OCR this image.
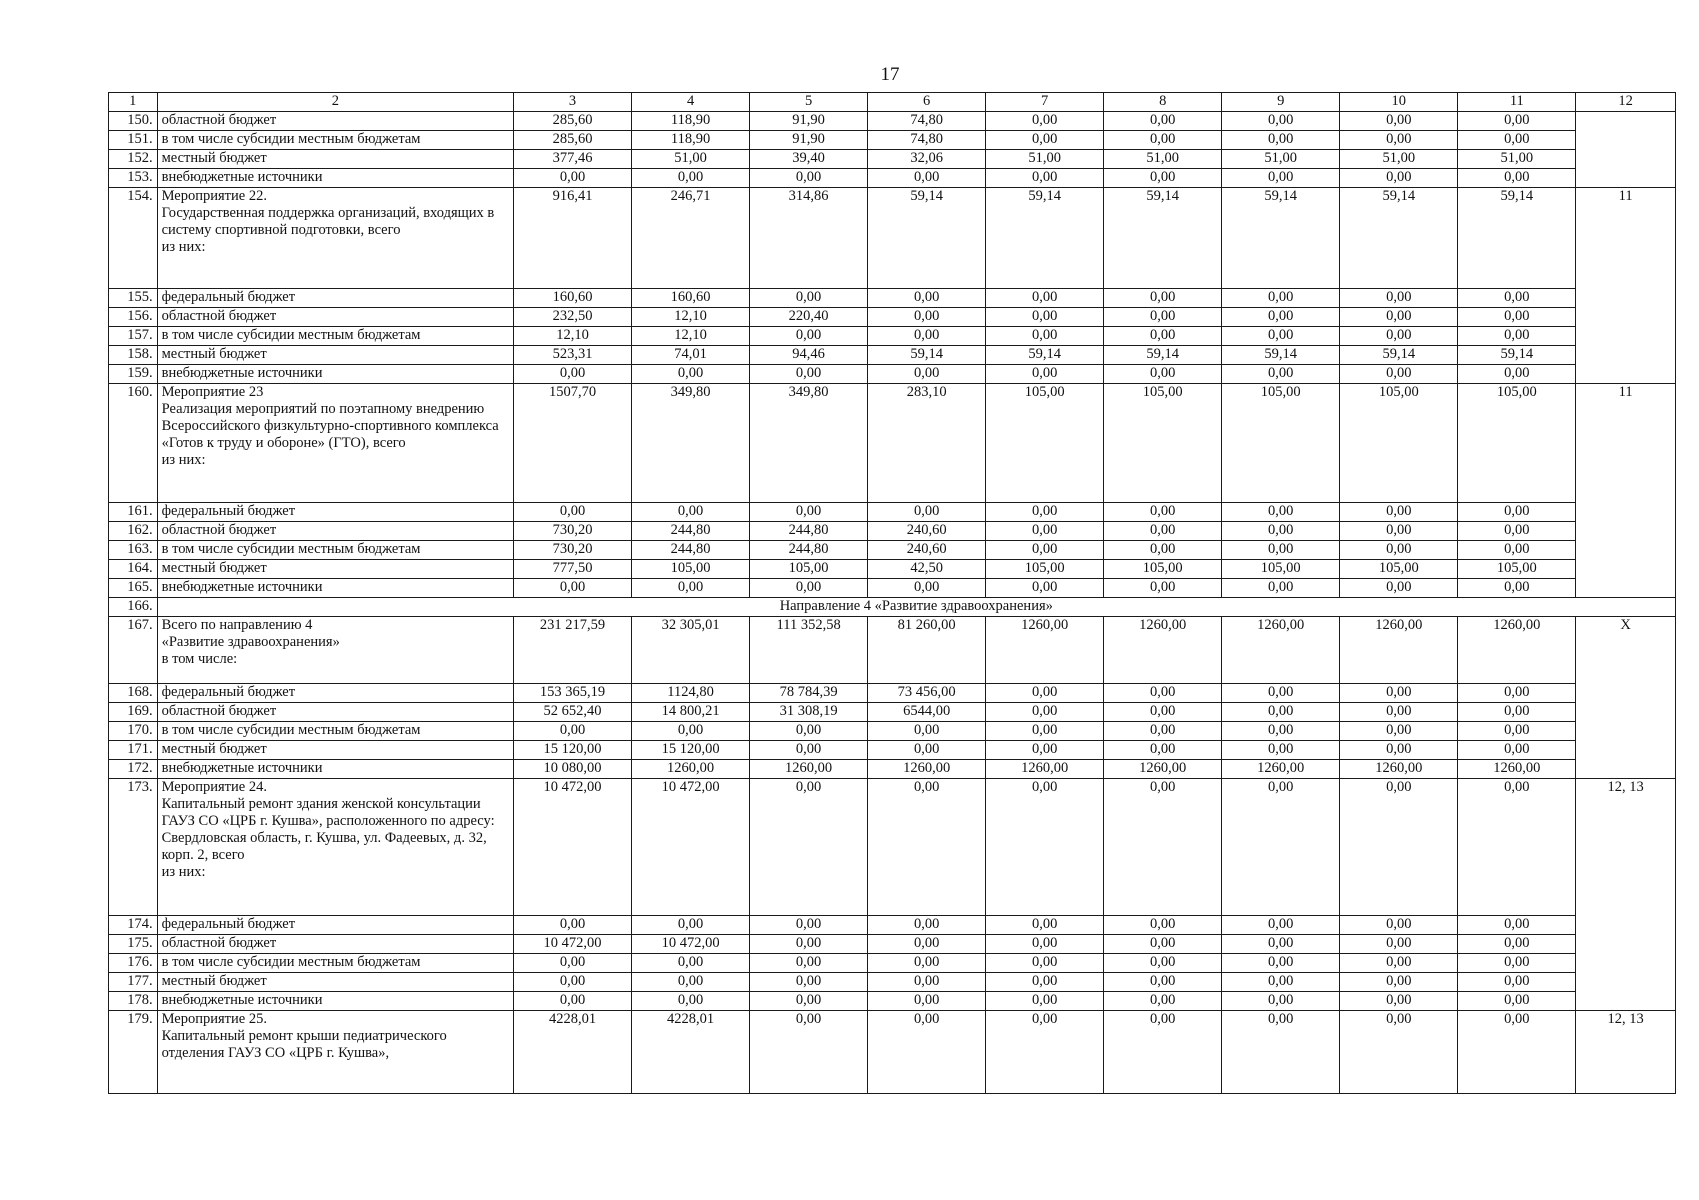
17
1	2	3	4	5	6	7	8	9	10	11	12
150.	областной бюджет	285,60	118,90	91,90	74,80	0,00	0,00	0,00	0,00	0,00	
151.	в том числе субсидии местным бюджетам	285,60	118,90	91,90	74,80	0,00	0,00	0,00	0,00	0,00	
152.	местный бюджет	377,46	51,00	39,40	32,06	51,00	51,00	51,00	51,00	51,00	
153.	внебюджетные источники	0,00	0,00	0,00	0,00	0,00	0,00	0,00	0,00	0,00	
154.	Мероприятие 22.
Государственная поддержка организаций, входящих в систему спортивной подготовки, всего
из них:	916,41	246,71	314,86	59,14	59,14	59,14	59,14	59,14	59,14	11
155.	федеральный бюджет	160,60	160,60	0,00	0,00	0,00	0,00	0,00	0,00	0,00	
156.	областной бюджет	232,50	12,10	220,40	0,00	0,00	0,00	0,00	0,00	0,00	
157.	в том числе субсидии местным бюджетам	12,10	12,10	0,00	0,00	0,00	0,00	0,00	0,00	0,00	
158.	местный бюджет	523,31	74,01	94,46	59,14	59,14	59,14	59,14	59,14	59,14	
159.	внебюджетные источники	0,00	0,00	0,00	0,00	0,00	0,00	0,00	0,00	0,00	
160.	Мероприятие 23
Реализация мероприятий по поэтапному внедрению Всероссийского физкультурно-спортивного комплекса «Готов к труду и обороне» (ГТО), всего
из них:	1507,70	349,80	349,80	283,10	105,00	105,00	105,00	105,00	105,00	11
161.	федеральный бюджет	0,00	0,00	0,00	0,00	0,00	0,00	0,00	0,00	0,00	
162.	областной бюджет	730,20	244,80	244,80	240,60	0,00	0,00	0,00	0,00	0,00	
163.	в том числе субсидии местным бюджетам	730,20	244,80	244,80	240,60	0,00	0,00	0,00	0,00	0,00	
164.	местный бюджет	777,50	105,00	105,00	42,50	105,00	105,00	105,00	105,00	105,00	
165.	внебюджетные источники	0,00	0,00	0,00	0,00	0,00	0,00	0,00	0,00	0,00	
166.	Направление 4 «Развитие здравоохранения»										
167.	Всего по направлению 4
«Развитие здравоохранения»
в том числе:	231 217,59	32 305,01	111 352,58	81 260,00	1260,00	1260,00	1260,00	1260,00	1260,00	X
168.	федеральный бюджет	153 365,19	1124,80	78 784,39	73 456,00	0,00	0,00	0,00	0,00	0,00	
169.	областной бюджет	52 652,40	14 800,21	31 308,19	6544,00	0,00	0,00	0,00	0,00	0,00	
170.	в том числе субсидии местным бюджетам	0,00	0,00	0,00	0,00	0,00	0,00	0,00	0,00	0,00	
171.	местный бюджет	15 120,00	15 120,00	0,00	0,00	0,00	0,00	0,00	0,00	0,00	
172.	внебюджетные источники	10 080,00	1260,00	1260,00	1260,00	1260,00	1260,00	1260,00	1260,00	1260,00	
173.	Мероприятие 24.
Капитальный ремонт здания женской консультации ГАУЗ СО «ЦРБ г. Кушва», расположенного по адресу: Свердловская область, г. Кушва, ул. Фадеевых, д. 32, корп. 2, всего
из них:	10 472,00	10 472,00	0,00	0,00	0,00	0,00	0,00	0,00	0,00	12, 13
174.	федеральный бюджет	0,00	0,00	0,00	0,00	0,00	0,00	0,00	0,00	0,00	
175.	областной бюджет	10 472,00	10 472,00	0,00	0,00	0,00	0,00	0,00	0,00	0,00	
176.	в том числе субсидии местным бюджетам	0,00	0,00	0,00	0,00	0,00	0,00	0,00	0,00	0,00	
177.	местный бюджет	0,00	0,00	0,00	0,00	0,00	0,00	0,00	0,00	0,00	
178.	внебюджетные источники	0,00	0,00	0,00	0,00	0,00	0,00	0,00	0,00	0,00	
179.	Мероприятие 25.
Капитальный ремонт крыши педиатрического отделения ГАУЗ СО «ЦРБ г. Кушва»,	4228,01	4228,01	0,00	0,00	0,00	0,00	0,00	0,00	0,00	12, 13
